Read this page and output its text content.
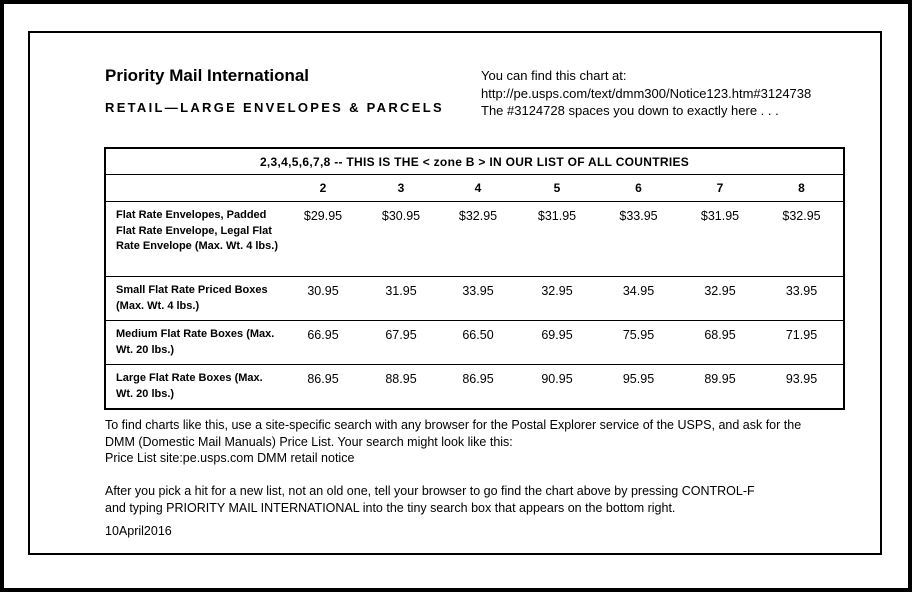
Priority Mail International
RETAIL—LARGE ENVELOPES & PARCELS
You can find this chart at:
http://pe.usps.com/text/dmm300/Notice123.htm#3124738
The #3124728 spaces you down to exactly here . . .
2,3,4,5,6,7,8 -- THIS IS THE < zone B > IN OUR LIST OF ALL COUNTRIES							
	2	3	4	5	6	7	8
Flat Rate Envelopes, Padded Flat Rate Envelope, Legal Flat Rate Envelope (Max. Wt. 4 lbs.)	$29.95	$30.95	$32.95	$31.95	$33.95	$31.95	$32.95
Small Flat Rate Priced Boxes (Max. Wt. 4 lbs.)	30.95	31.95	33.95	32.95	34.95	32.95	33.95
Medium Flat Rate Boxes (Max. Wt. 20 lbs.)	66.95	67.95	66.50	69.95	75.95	68.95	71.95
Large Flat Rate Boxes (Max. Wt. 20 lbs.)	86.95	88.95	86.95	90.95	95.95	89.95	93.95
To find charts like this, use a site-specific search with any browser for the Postal Explorer service of the USPS, and ask for the
DMM (Domestic Mail Manuals) Price List. Your search might look like this:
Price List site:pe.usps.com DMM retail notice
After you pick a hit for a new list, not an old one, tell your browser to go find the chart above by pressing CONTROL-F
and typing PRIORITY MAIL INTERNATIONAL into the tiny search box that appears on the bottom right.
10April2016
